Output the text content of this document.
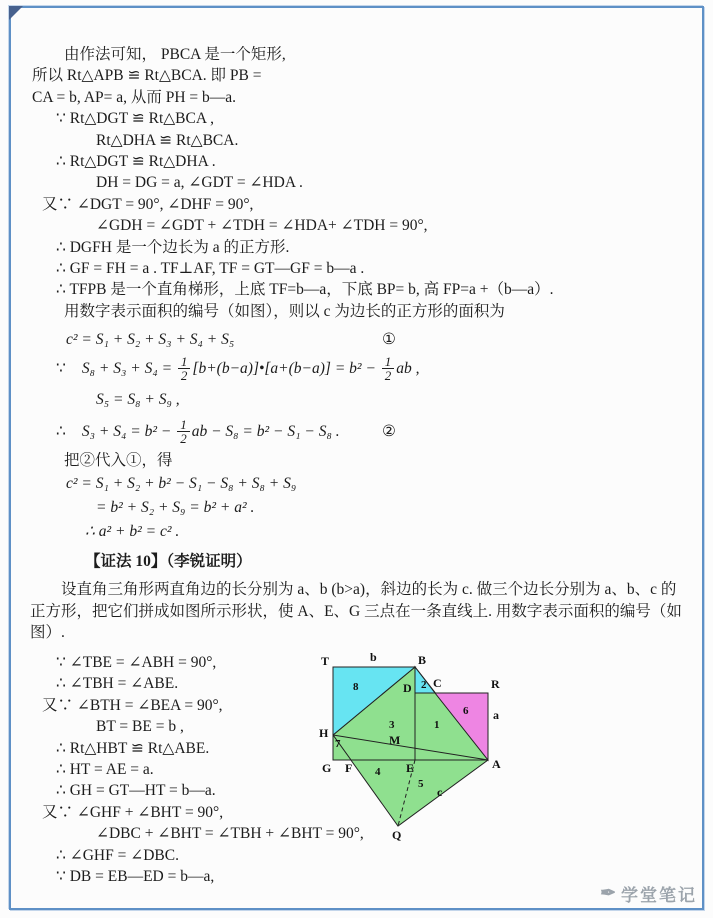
由作法可知， PBCA 是一个矩形,
所以 Rt△APB ≌ Rt△BCA. 即 PB =
CA = b, AP= a, 从而 PH = b—a.
∵ Rt△DGT ≌ Rt△BCA ,
Rt△DHA ≌ Rt△BCA.
∴ Rt△DGT ≌ Rt△DHA .
DH = DG = a, ∠GDT = ∠HDA .
又∵ ∠DGT = 90°, ∠DHF = 90°,
∠GDH = ∠GDT + ∠TDH = ∠HDA+ ∠TDH = 90°,
∴ DGFH 是一个边长为 a 的正方形.
∴ GF = FH = a . TF⊥AF, TF = GT—GF = b—a .
∴ TFPB 是一个直角梯形，上底 TF=b—a，下底 BP= b, 高 FP=a +（b—a）.
用数字表示面积的编号（如图），则以 c 为边长的正方形的面积为
c² = S₁ + S₂ + S₃ + S₄ + S₅	①
∵ $S_8 + S_3 + S_4 = \frac{1}{2}$ [b+(b−a)]•[a+(b−a)] = $b^2 - \frac{1}{2}$ ab ,
S₅ = S₈ + S₉ ,
∴ $S_3 + S_4 = b^2 - \frac{1}{2}$ ab − S₈ = b² − S₁ − S₈ .	②
把②代入①，得
c² = S₁ + S₂ + b² − S₁ − S₈ + S₈ + S₉
= b² + S₂ + S₉ = b² + a² .
∴ a² + b² = c² .
【证法 10】（李锐证明）
设直角三角形两直角边的长分别为 a、b (b>a)，斜边的长为 c. 做三个边长分别为 a、b、c 的正方形，把它们拼成如图所示形状，使 A、E、G 三点在一条直线上. 用数字表示面积的编号（如图）.
∵ ∠TBE = ∠ABH = 90°,
∴ ∠TBH = ∠ABE.
又∵ ∠BTH = ∠BEA = 90°,
BT = BE = b ,
∴ Rt△HBT ≌ Rt△ABE.
∴ HT = AE = a.
∴ GH = GT—HT = b—a.
又∵ ∠GHF + ∠BHT = 90°,
∠DBC + ∠BHT = ∠TBH + ∠BHT = 90°,
∴ ∠GHF = ∠DBC.
∵ DB = EB—ED = b—a,
T	b	B
D C	R
a
H	M
G F	E	A
c
Q
8	2
6
3	1
7
4
5
✒ 学堂笔记
